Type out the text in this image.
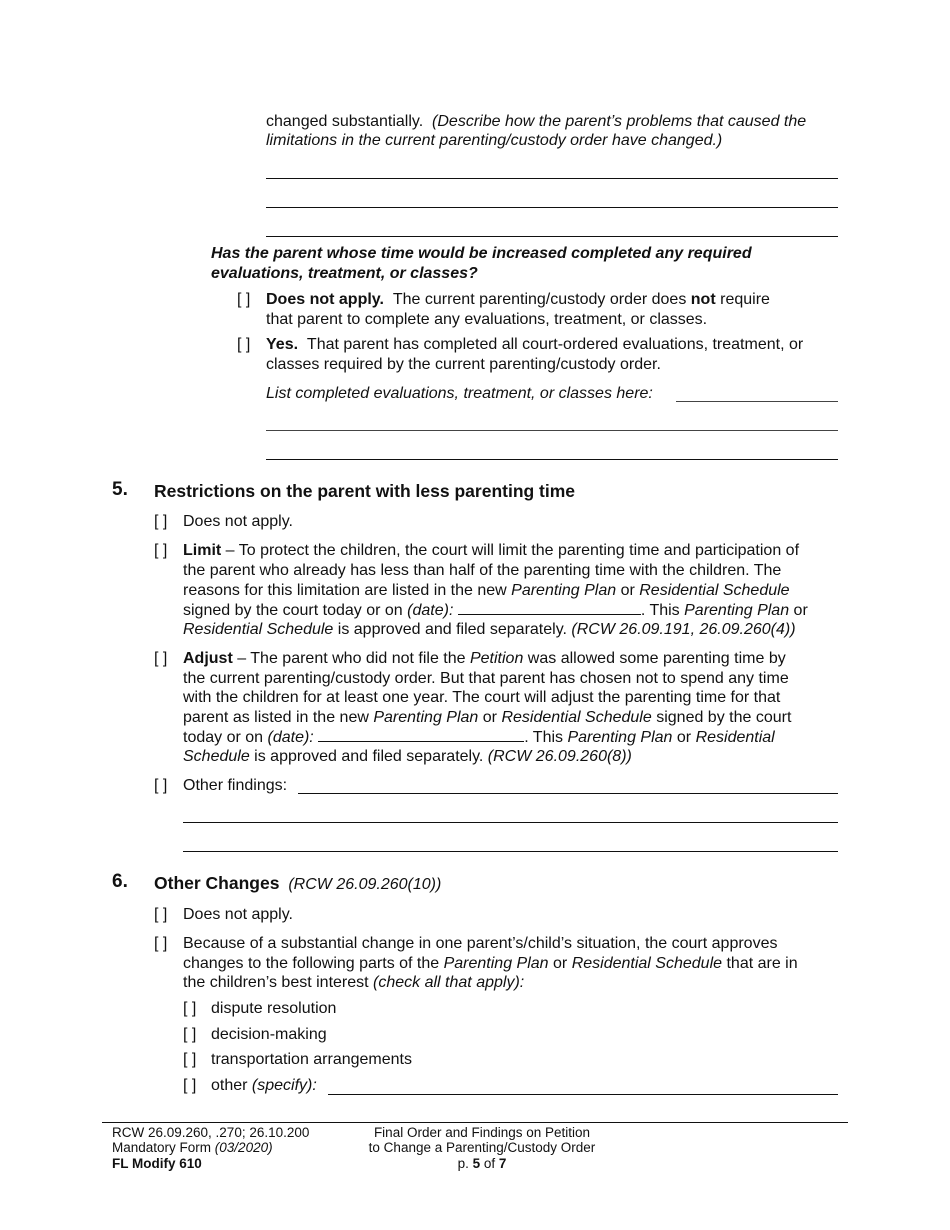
changed substantially. (Describe how the parent’s problems that caused the
limitations in the current parenting/custody order have changed.)
Has the parent whose time would be increased completed any required
evaluations, treatment, or classes?
[ ] Does not apply. The current parenting/custody order does not require
that parent to complete any evaluations, treatment, or classes.
[ ] Yes. That parent has completed all court-ordered evaluations, treatment, or
classes required by the current parenting/custody order.
List completed evaluations, treatment, or classes here:
5. Restrictions on the parent with less parenting time
[ ] Does not apply.
[ ] Limit – To protect the children, the court will limit the parenting time and participation of
the parent who already has less than half of the parenting time with the children. The
reasons for this limitation are listed in the new Parenting Plan or Residential Schedule
signed by the court today or on (date):	. This Parenting Plan or
Residential Schedule is approved and filed separately. (RCW 26.09.191, 26.09.260(4))
[ ] Adjust – The parent who did not file the Petition was allowed some parenting time by
the current parenting/custody order. But that parent has chosen not to spend any time
with the children for at least one year. The court will adjust the parenting time for that
parent as listed in the new Parenting Plan or Residential Schedule signed by the court
today or on (date):	. This Parenting Plan or Residential
Schedule is approved and filed separately. (RCW 26.09.260(8))
[ ] Other findings:
6. Other Changes (RCW 26.09.260(10))
[ ] Does not apply.
[ ] Because of a substantial change in one parent’s/child’s situation, the court approves
changes to the following parts of the Parenting Plan or Residential Schedule that are in
the children’s best interest (check all that apply):
[ ] dispute resolution
[ ] decision-making
[ ] transportation arrangements
[ ] other (specify):
RCW 26.09.260, .270; 26.10.200
Mandatory Form (03/2020)
FL Modify 610
Final Order and Findings on Petition
to Change a Parenting/Custody Order
p. 5 of 7
